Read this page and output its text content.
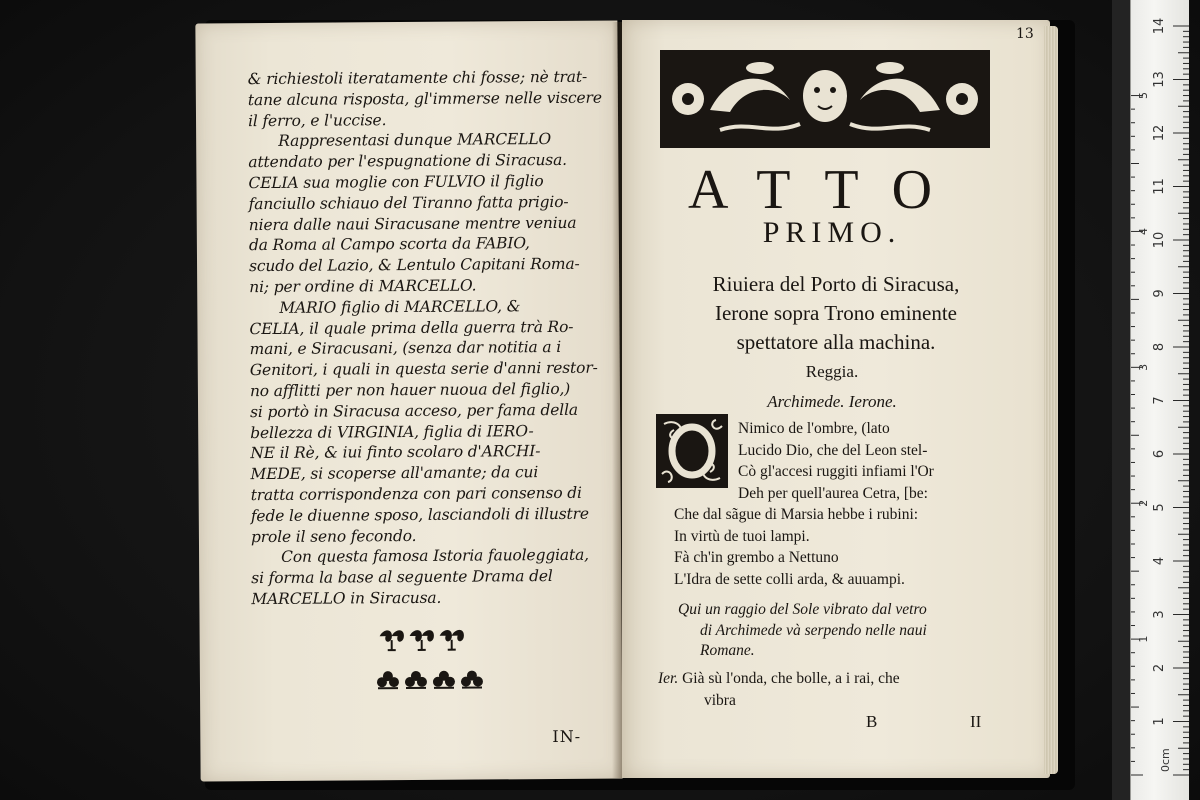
& richiestoli iteratamente chi fosse; nè trat-
tane alcuna risposta, gl'immerse nelle viscere
il ferro, e l'uccise.
Rappresentasi dunque MARCELLO
attendato per l'espugnatione di Siracusa.
CELIA sua moglie con FULVIO il figlio
fanciullo schiauo del Tiranno fatta prigio-
niera dalle naui Siracusane mentre veniua
da Roma al Campo scorta da FABIO,
scudo del Lazio, & Lentulo Capitani Roma-
ni; per ordine di MARCELLO.
MARIO figlio di MARCELLO, &
CELIA, il quale prima della guerra trà Ro-
mani, e Siracusani, (senza dar notitia a i
Genitori, i quali in questa serie d'anni restor-
no afflitti per non hauer nuoua del figlio,)
si portò in Siracusa acceso, per fama della
bellezza di VIRGINIA, figlia di IERO-
NE il Rè, & iui finto scolaro d'ARCHI-
MEDE, si scoperse all'amante; da cui
tratta corrispondenza con pari consenso di
fede le diuenne sposo, lasciandoli di illustre
prole il seno fecondo.
Con questa famosa Istoria fauoleggiata,
si forma la base al seguente Drama del
MARCELLO in Siracusa.
IN-
13
ATTO
PRIMO.
Riuiera del Porto di Siracusa,
Ierone sopra Trono eminente
spettatore alla machina.
Reggia.
Archimede. Ierone.
Nimico de l'ombre, (lato
Lucido Dio, che del Leon stel-
Cò gl'accesi ruggiti infiami l'Or
Deh per quell'aurea Cetra, [be:
Che dal sãgue di Marsia hebbe i rubini:
In virtù de tuoi lampi.
Fà ch'in grembo a Nettuno
L'Idra de sette colli arda, & auuampi.
Qui un raggio del Sole vibrato dal vetro
di Archimede và serpendo nelle naui
Romane.
Ier. Già sù l'onda, che bolle, a i rai, che
vibra
B	II	1
2
3
4
5
6
7
8
9
10
11
12
13
14
0cm
1
2
3
4
5
